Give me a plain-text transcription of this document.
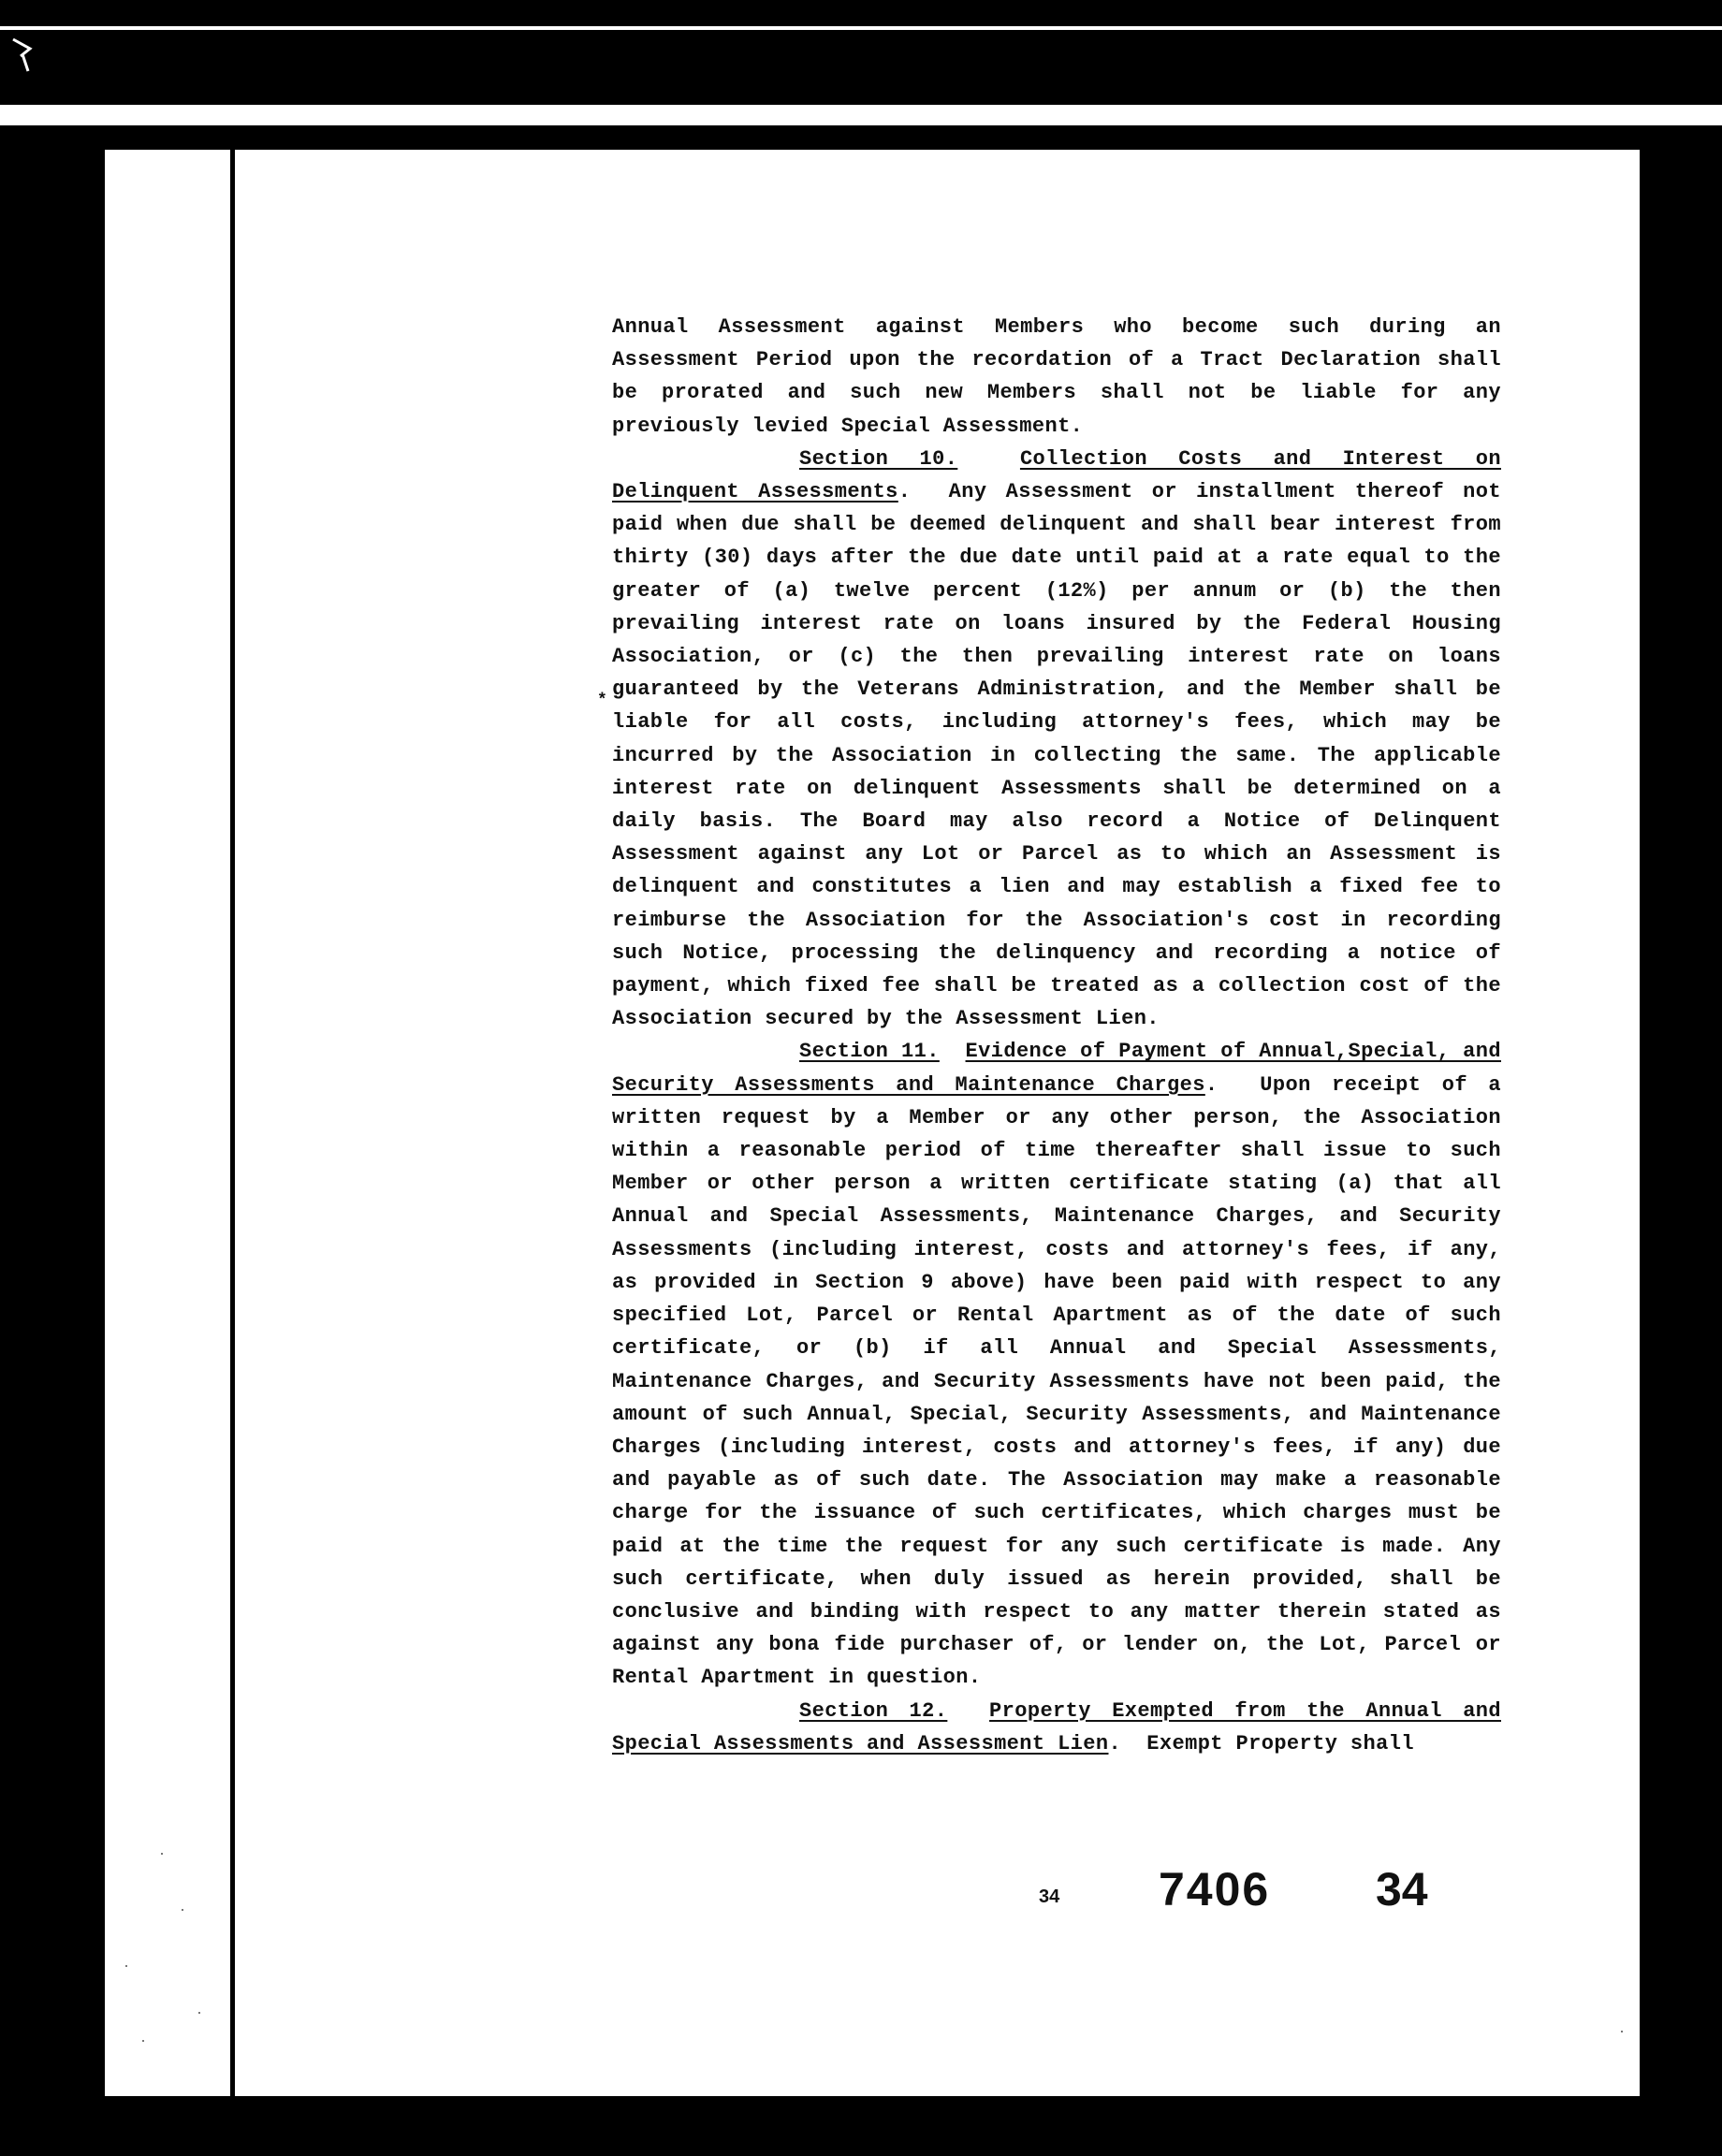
Annual Assessment against Members who become such during an Assessment Period upon the recordation of a Tract Declaration shall be prorated and such new Members shall not be liable for any previously levied Special Assessment.

Section 10.	Collection Costs and Interest on Delinquent Assessments.  Any Assessment or installment thereof not paid when due shall be deemed delinquent and shall bear interest from thirty (30) days after the due date until paid at a rate equal to the greater of (a) twelve percent (12%) per annum or (b) the then prevailing interest rate on loans insured by the Federal Housing Association, or (c) the then prevailing interest rate on loans guaranteed by the Veterans Administration, and the Member shall be liable for all costs, including attorney's fees, which may be incurred by the Association in collecting the same. The applicable interest rate on delinquent Assessments shall be determined on a daily basis. The Board may also record a Notice of Delinquent Assessment against any Lot or Parcel as to which an Assessment is delinquent and constitutes a lien and may establish a fixed fee to reimburse the Association for the Association's cost in recording such Notice, processing the delinquency and recording a notice of payment, which fixed fee shall be treated as a collection cost of the Association secured by the Assessment Lien.

Section 11. Evidence of Payment of Annual,Special, and Security Assessments and Maintenance Charges.  Upon receipt of a written request by a Member or any other person, the Association within a reasonable period of time thereafter shall issue to such Member or other person a written certificate stating (a) that all Annual and Special Assessments, Maintenance Charges, and Security Assessments (including interest, costs and attorney's fees, if any, as provided in Section 9 above) have been paid with respect to any specified Lot, Parcel or Rental Apartment as of the date of such certificate, or (b) if all Annual and Special Assessments, Maintenance Charges, and Security Assessments have not been paid, the amount of such Annual, Special, Security Assessments, and Maintenance Charges (including interest, costs and attorney's fees, if any) due and payable as of such date. The Association may make a reasonable charge for the issuance of such certificates, which charges must be paid at the time the request for any such certificate is made. Any such certificate, when duly issued as herein provided, shall be conclusive and binding with respect to any matter therein stated as against any bona fide purchaser of, or lender on, the Lot, Parcel or Rental Apartment in question.

Section 12. Property Exempted from the Annual and Special Assessments and Assessment Lien.  Exempt Property shall

*
34 7406 34
